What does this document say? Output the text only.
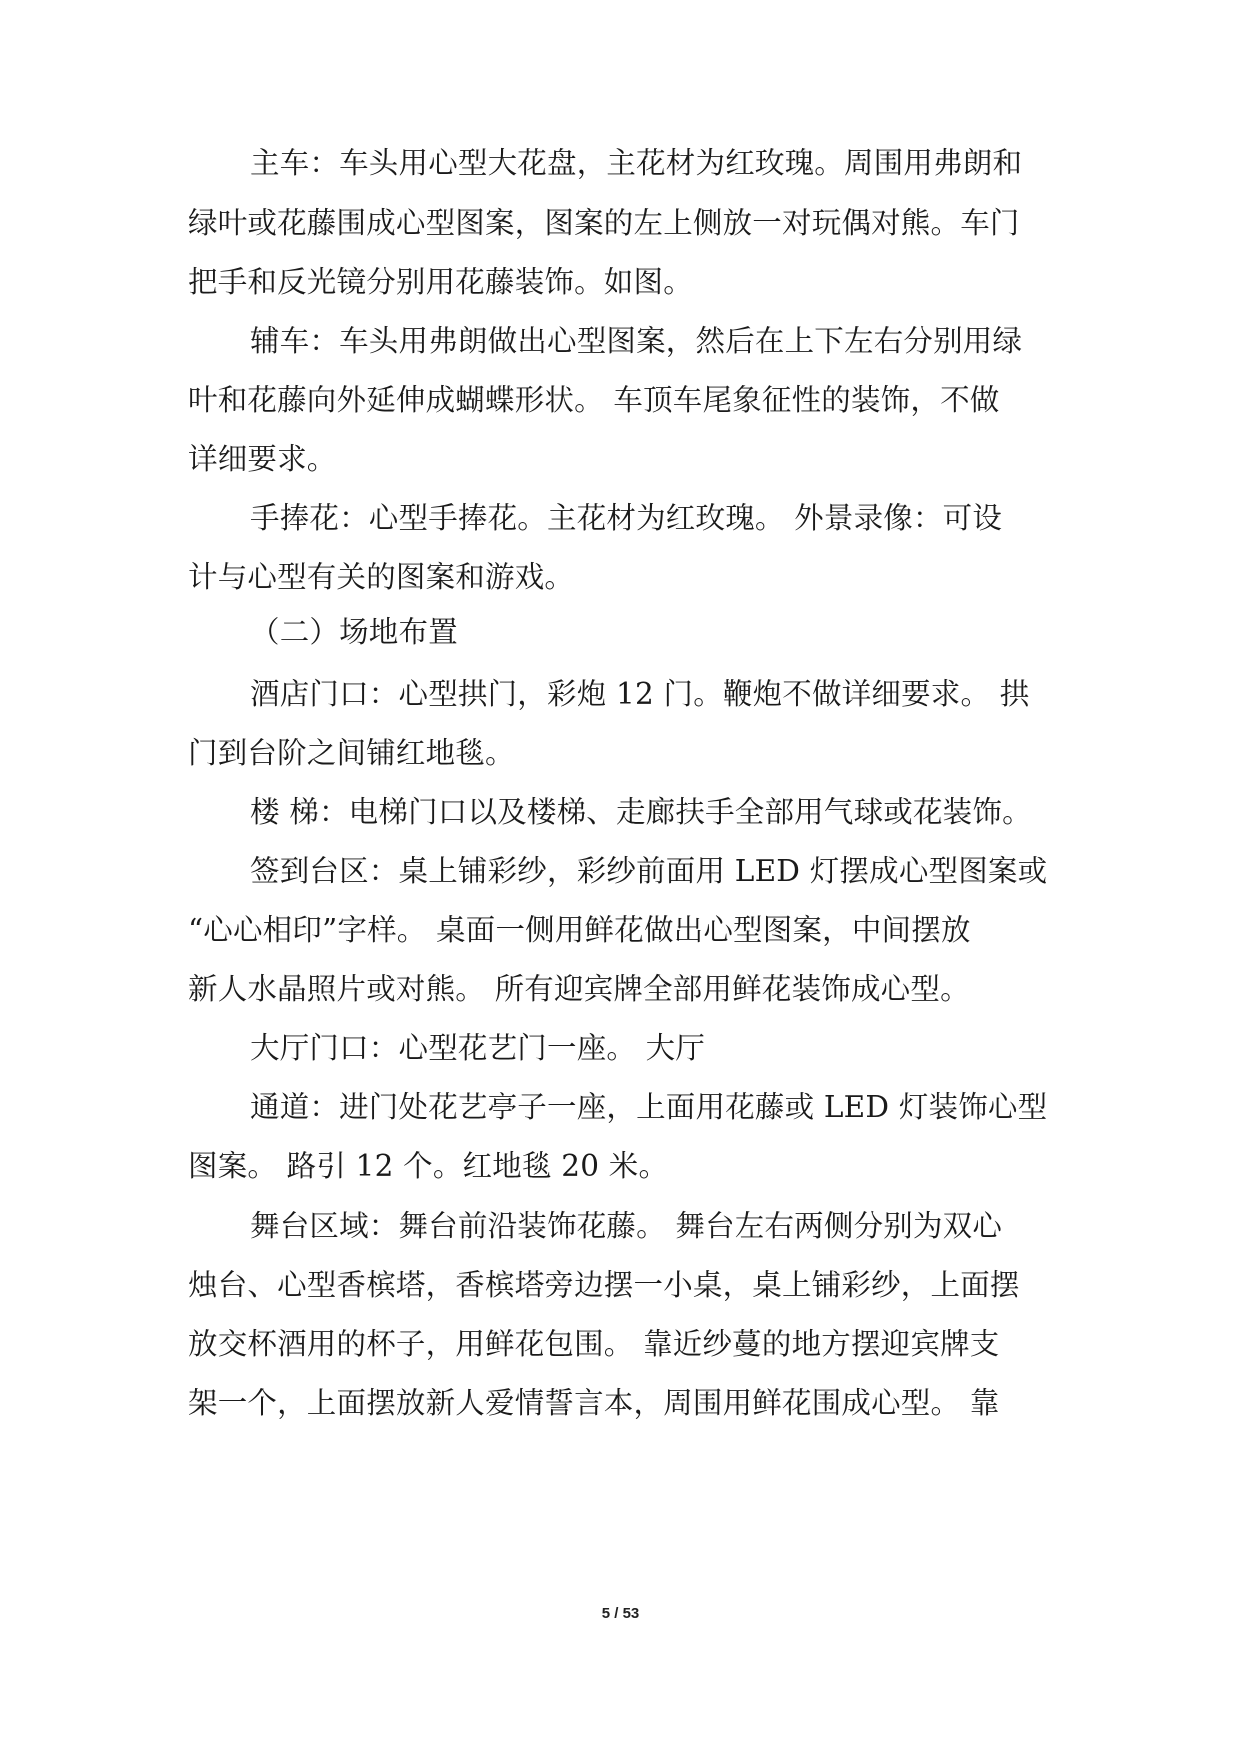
主车：车头用心型大花盘，主花材为红玫瑰。周围用弗朗和
绿叶或花藤围成心型图案，图案的左上侧放一对玩偶对熊。车门
把手和反光镜分别用花藤装饰。如图。
辅车：车头用弗朗做出心型图案，然后在上下左右分别用绿
叶和花藤向外延伸成蝴蝶形状。 车顶车尾象征性的装饰，不做
详细要求。
手捧花：心型手捧花。主花材为红玫瑰。 外景录像：可设
计与心型有关的图案和游戏。
（二）场地布置
酒店门口：心型拱门，彩炮 12 门。鞭炮不做详细要求。 拱
门到台阶之间铺红地毯。
楼 梯：电梯门口以及楼梯、走廊扶手全部用气球或花装饰。
签到台区：桌上铺彩纱，彩纱前面用 LED 灯摆成心型图案或
“心心相印”字样。 桌面一侧用鲜花做出心型图案，中间摆放
新人水晶照片或对熊。 所有迎宾牌全部用鲜花装饰成心型。
大厅门口：心型花艺门一座。 大厅
通道：进门处花艺亭子一座，上面用花藤或 LED 灯装饰心型
图案。 路引 12 个。红地毯 20 米。
舞台区域：舞台前沿装饰花藤。 舞台左右两侧分别为双心
烛台、心型香槟塔，香槟塔旁边摆一小桌，桌上铺彩纱，上面摆
放交杯酒用的杯子，用鲜花包围。 靠近纱蔓的地方摆迎宾牌支
架一个，上面摆放新人爱情誓言本，周围用鲜花围成心型。 靠
5 / 53
